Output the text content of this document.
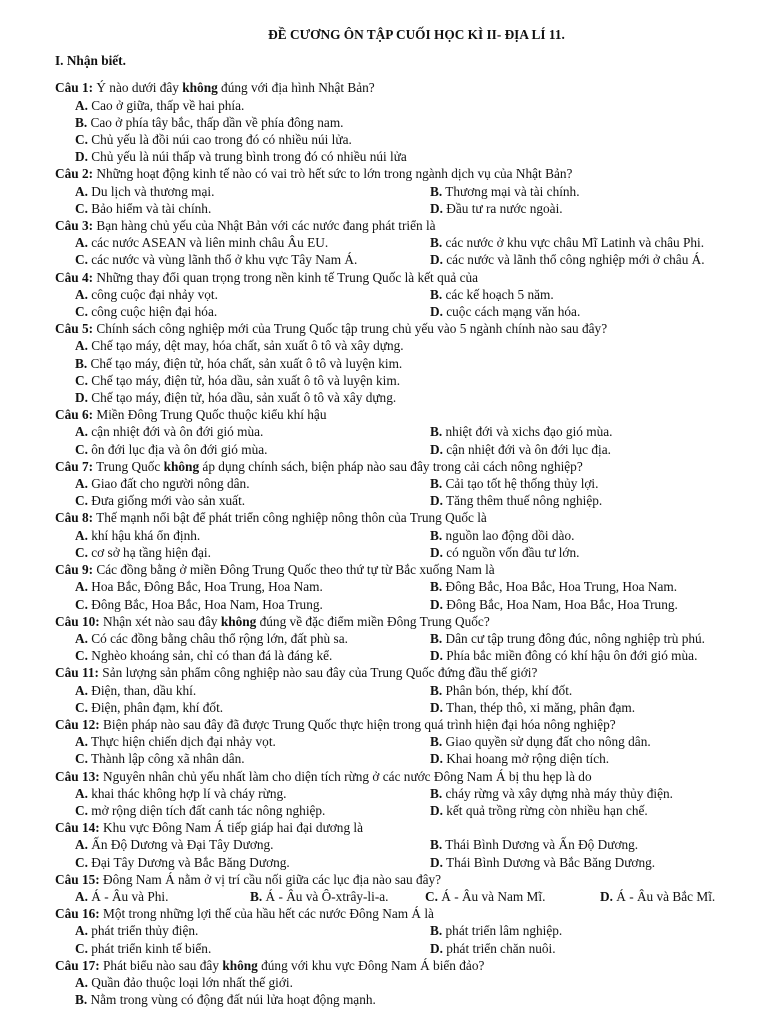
ĐỀ CƯƠNG ÔN TẬP CUỐI HỌC KÌ II- ĐỊA LÍ 11.
I. Nhận biết.
Câu 1: Ý nào dưới đây không đúng với địa hình Nhật Bản?
A. Cao ở giữa, thấp về hai phía.
B. Cao ở phía tây bắc, thấp dần về phía đông nam.
C. Chủ yếu là đồi núi cao trong đó có nhiều núi lửa.
D. Chủ yếu là núi thấp và trung bình trong đó có nhiều núi lửa
Câu 2: Những hoạt động kinh tế nào có vai trò hết sức to lớn trong ngành dịch vụ của Nhật Bản?
A. Du lịch và thương mại.	B. Thương mại và tài chính.
C. Bảo hiểm và tài chính.	D. Đầu tư ra nước ngoài.
Câu 3: Bạn hàng chủ yếu của Nhật Bản với các nước đang phát triển là
A. các nước ASEAN và liên minh châu Âu EU.	B. các nước ở khu vực châu Mĩ Latinh và châu Phi.
C. các nước và vùng lãnh thổ ở khu vực Tây Nam Á.	D. các nước và lãnh thổ công nghiệp mới ở châu Á.
Câu 4: Những thay đổi quan trọng trong nền kinh tế Trung Quốc là kết quả của
A. công cuộc đại nhảy vọt.	B. các kế hoạch 5 năm.
C. công cuộc hiện đại hóa.	D. cuộc cách mạng văn hóa.
Câu 5: Chính sách công nghiệp mới của Trung Quốc tập trung chủ yếu vào 5 ngành chính nào sau đây?
A. Chế tạo máy, dệt may, hóa chất, sản xuất ô tô và xây dựng.
B. Chế tạo máy, điện tử, hóa chất, sản xuất ô tô và luyện kim.
C. Chế tạo máy, điện tử, hóa dầu, sản xuất ô tô và luyện kim.
D. Chế tạo máy, điện tử, hóa dầu, sản xuất ô tô và xây dựng.
Câu 6: Miền Đông Trung Quốc thuộc kiểu khí hậu
A. cận nhiệt đới và ôn đới gió mùa.	B. nhiệt đới và xichs đạo gió mùa.
C. ôn đới lục địa và ôn đới gió mùa.	D. cận nhiệt đới và ôn đới lục địa.
Câu 7: Trung Quốc không áp dụng chính sách, biện pháp nào sau đây trong cải cách nông nghiệp?
A. Giao đất cho người nông dân.	B. Cải tạo tốt hệ thống thủy lợi.
C. Đưa giống mới vào sản xuất.	D. Tăng thêm thuế nông nghiệp.
Câu 8: Thế mạnh nổi bật để phát triển công nghiệp nông thôn của Trung Quốc là
A. khí hậu khá ổn định.	B. nguồn lao động dồi dào.
C. cơ sở hạ tầng hiện đại.	D. có nguồn vốn đầu tư lớn.
Câu 9: Các đồng bằng ở miền Đông Trung Quốc theo thứ tự từ Bắc xuống Nam là
A. Hoa Bắc, Đông Bắc, Hoa Trung, Hoa Nam.	B. Đông Bắc, Hoa Bắc, Hoa Trung, Hoa Nam.
C. Đông Bắc, Hoa Bắc, Hoa Nam, Hoa Trung.	D. Đông Bắc, Hoa Nam, Hoa Bắc, Hoa Trung.
Câu 10: Nhận xét nào sau đây không đúng về đặc điểm miền Đông Trung Quốc?
A. Có các đồng bằng châu thổ rộng lớn, đất phù sa.	B. Dân cư tập trung đông đúc, nông nghiệp trù phú.
C. Nghèo khoáng sản, chỉ có than đá là đáng kể.	D. Phía bắc miền đông có khí hậu ôn đới gió mùa.
Câu 11: Sản lượng sản phẩm công nghiệp nào sau đây của Trung Quốc đứng đầu thế giới?
A. Điện, than, dầu khí.	B. Phân bón, thép, khí đốt.
C. Điện, phân đạm, khí đốt.	D. Than, thép thô, xi măng, phân đạm.
Câu 12: Biện pháp nào sau đây đã được Trung Quốc thực hiện trong quá trình hiện đại hóa nông nghiệp?
A. Thực hiện chiến dịch đại nhảy vọt.	B. Giao quyền sử dụng đất cho nông dân.
C. Thành lập công xã nhân dân.	D. Khai hoang mở rộng diện tích.
Câu 13: Nguyên nhân chủ yếu nhất làm cho diện tích rừng ở các nước Đông Nam Á bị thu hẹp là do
A. khai thác không hợp lí và cháy rừng.	B. cháy rừng và xây dựng nhà máy thủy điện.
C. mở rộng diện tích đất canh tác nông nghiệp.	D. kết quả trồng rừng còn nhiều hạn chế.
Câu 14: Khu vực Đông Nam Á tiếp giáp hai đại dương là
A. Ấn Độ Dương và Đại Tây Dương.	B. Thái Bình Dương và Ấn Độ Dương.
C. Đại Tây Dương và Bắc Băng Dương.	D. Thái Bình Dương và Bắc Băng Dương.
Câu 15: Đông Nam Á nằm ở vị trí cầu nối giữa các lục địa nào sau đây?
A. Á - Âu và Phi.	B. Á - Âu và Ô-xtrây-li-a.	C. Á - Âu và Nam Mĩ.	D. Á - Âu và Bắc Mĩ.
Câu 16: Một trong những lợi thế của hầu hết các nước Đông Nam Á là
A. phát triển thủy điện.	B. phát triển lâm nghiệp.
C. phát triển kinh tế biển.	D. phát triển chăn nuôi.
Câu 17: Phát biểu nào sau đây không đúng với khu vực Đông Nam Á biển đảo?
A. Quần đảo thuộc loại lớn nhất thế giới.
B. Nằm trong vùng có động đất núi lửa hoạt động mạnh.
